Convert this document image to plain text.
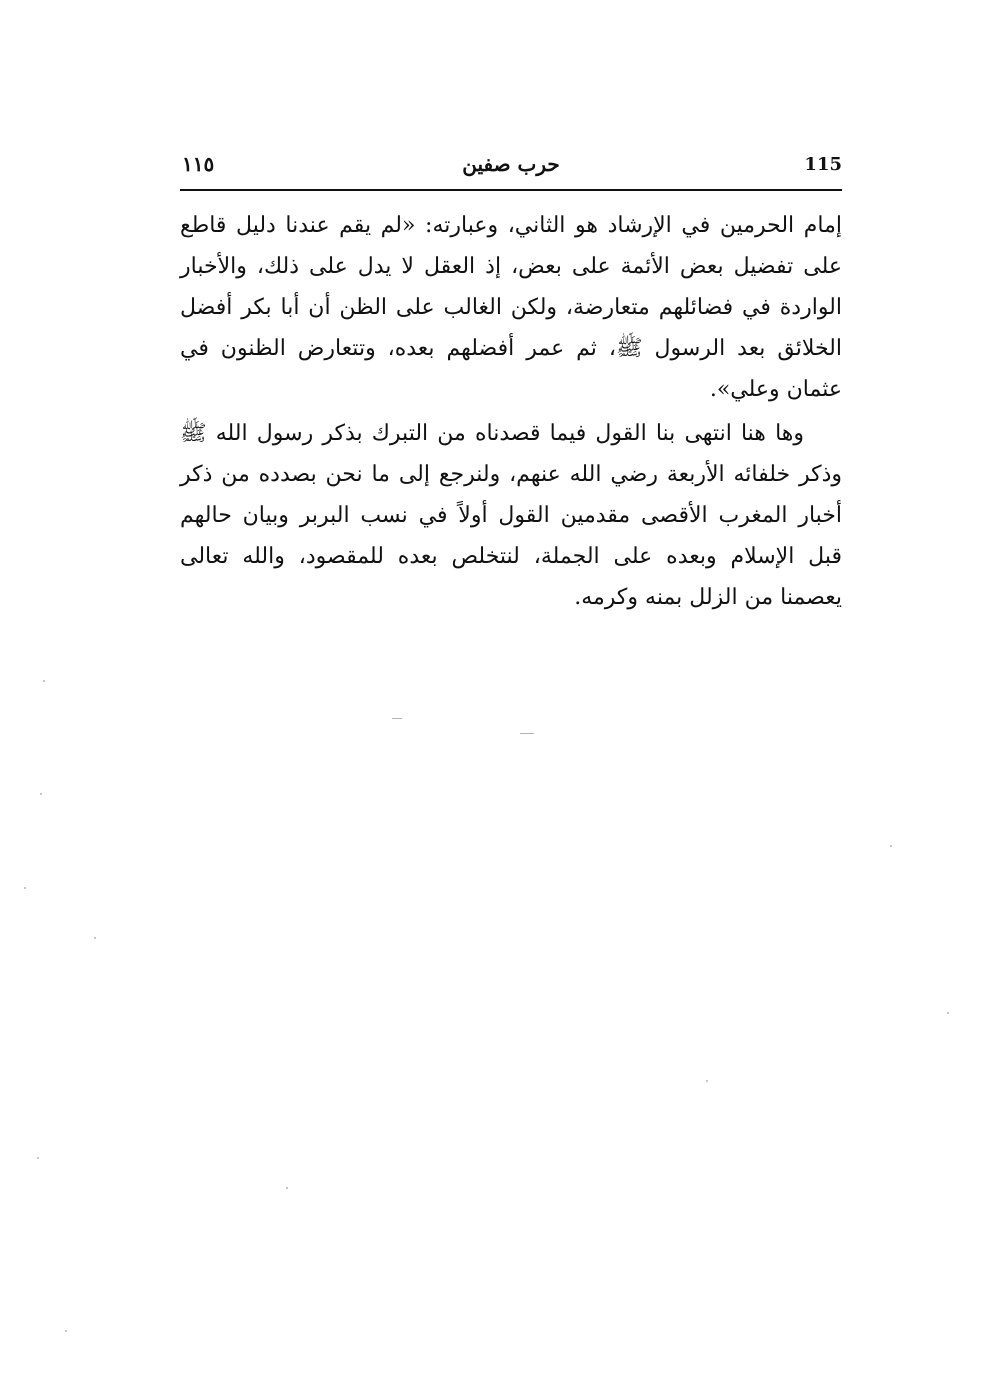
115
حرب صفين
١١٥

إمام الحرمين في الإرشاد هو الثاني، وعبارته: «لم يقم عندنا دليل قاطع على تفضيل بعض الأئمة على بعض، إذ العقل لا يدل على ذلك، والأخبار الواردة في فضائلهم متعارضة، ولكن الغالب على الظن أن أبا بكر أفضل الخلائق بعد الرسول ﷺ، ثم عمر أفضلهم بعده، وتتعارض الظنون في عثمان وعلي».

وها هنا انتهى بنا القول فيما قصدناه من التبرك بذكر رسول الله ﷺ وذكر خلفائه الأربعة رضي الله عنهم، ولنرجع إلى ما نحن بصدده من ذكر أخبار المغرب الأقصى مقدمين القول أولاً في نسب البربر وبيان حالهم قبل الإسلام وبعده على الجملة، لنتخلص بعده للمقصود، والله تعالى يعصمنا من الزلل بمنه وكرمه.
